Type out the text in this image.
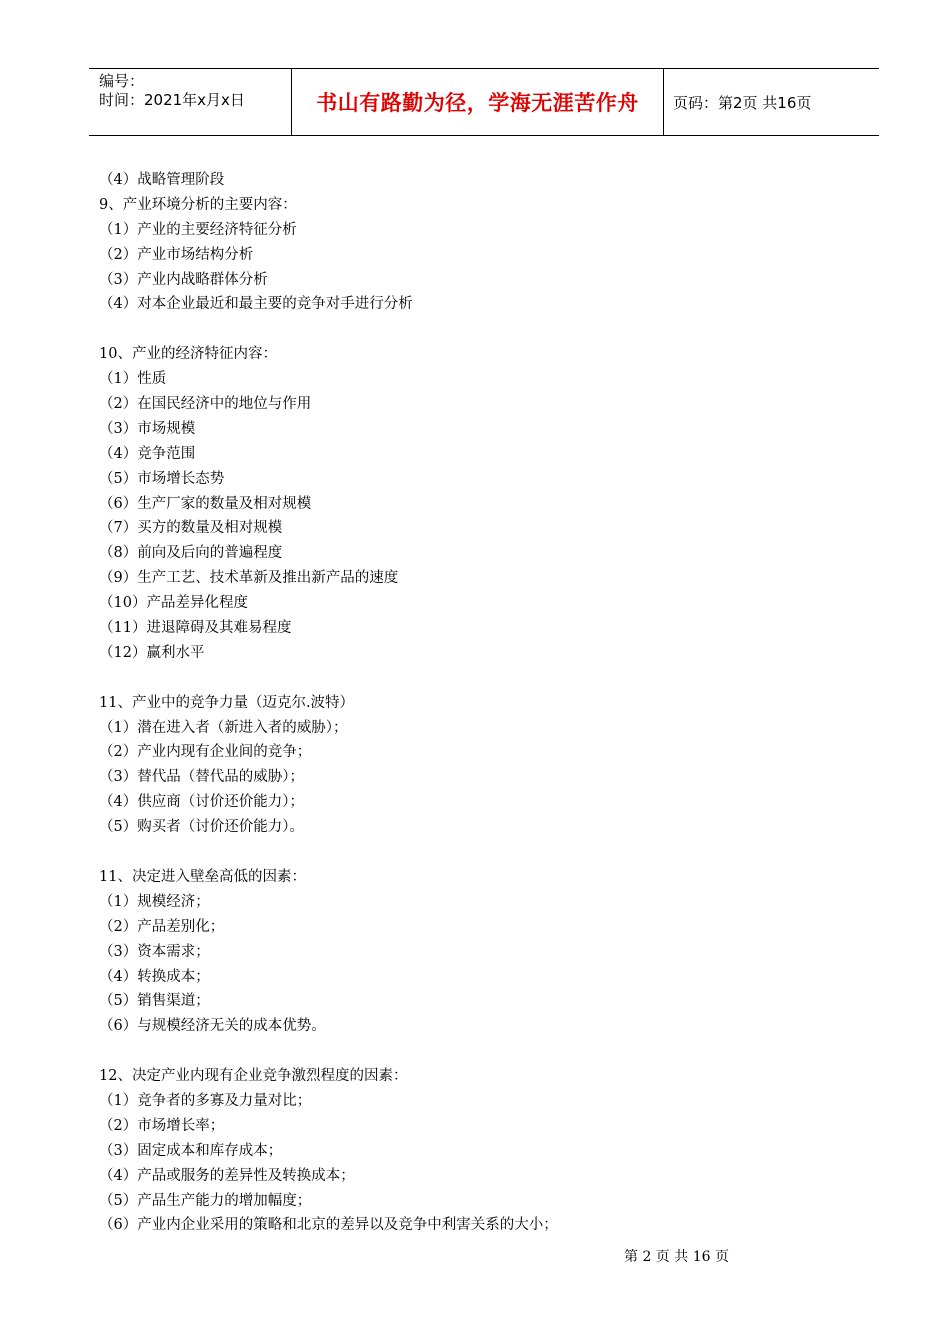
编号：
时间：2021年x月x日	书山有路勤为径，学海无涯苦作舟	页码：第2页 共16页
（4）战略管理阶段
9、产业环境分析的主要内容：
（1）产业的主要经济特征分析
（2）产业市场结构分析
（3）产业内战略群体分析
（4）对本企业最近和最主要的竞争对手进行分析
10、产业的经济特征内容：
（1）性质
（2）在国民经济中的地位与作用
（3）市场规模
（4）竞争范围
（5）市场增长态势
（6）生产厂家的数量及相对规模
（7）买方的数量及相对规模
（8）前向及后向的普遍程度
（9）生产工艺、技术革新及推出新产品的速度
（10）产品差异化程度
（11）进退障碍及其难易程度
（12）赢利水平
11、产业中的竞争力量（迈克尔.波特）
（1）潜在进入者（新进入者的威胁）；
（2）产业内现有企业间的竞争；
（3）替代品（替代品的威胁）；
（4）供应商（讨价还价能力）；
（5）购买者（讨价还价能力）。
11、决定进入壁垒高低的因素：
（1）规模经济；
（2）产品差别化；
（3）资本需求；
（4）转换成本；
（5）销售渠道；
（6）与规模经济无关的成本优势。
12、决定产业内现有企业竞争激烈程度的因素：
（1）竞争者的多寡及力量对比；
（2）市场增长率；
（3）固定成本和库存成本；
（4）产品或服务的差异性及转换成本；
（5）产品生产能力的增加幅度；
（6）产业内企业采用的策略和北京的差异以及竞争中利害关系的大小；
第 2 页 共 16 页
